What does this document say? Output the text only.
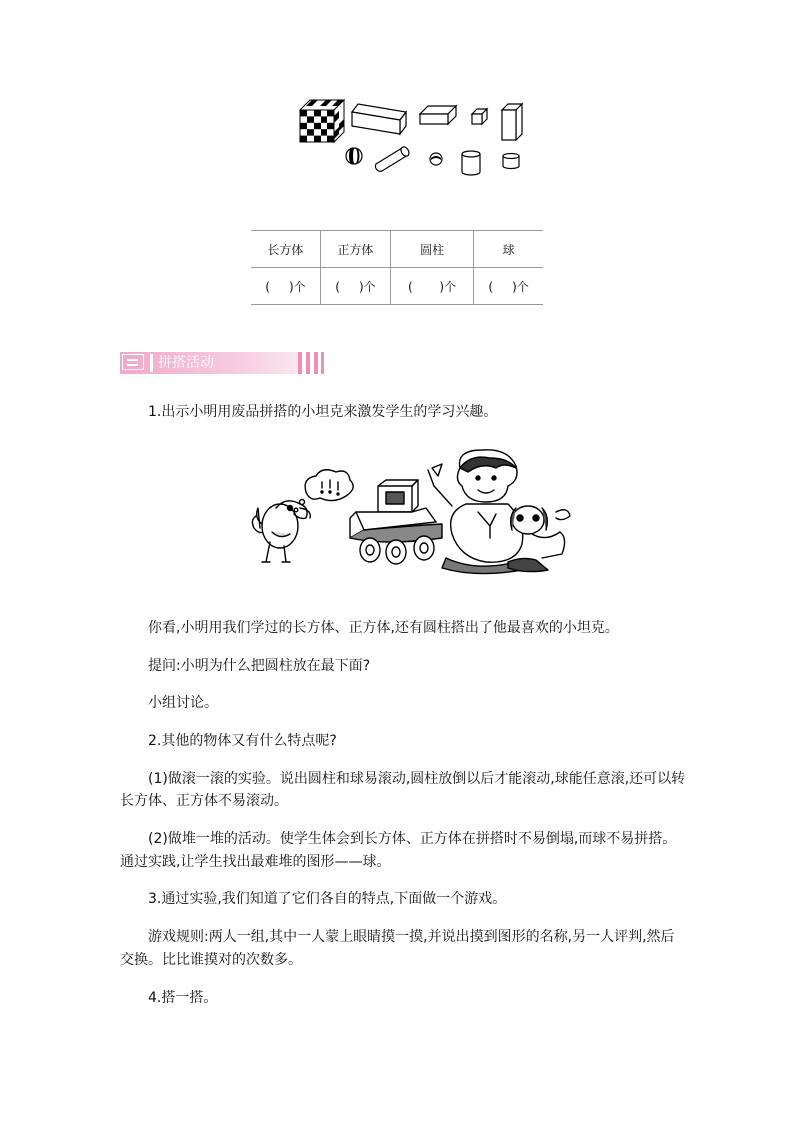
长方体	正方体	圆柱	球
(     )个	(     )个	(       )个	(     )个
拼搭活动
1.出示小明用废品拼搭的小坦克来激发学生的学习兴趣。
你看,小明用我们学过的长方体、正方体,还有圆柱搭出了他最喜欢的小坦克。
提问:小明为什么把圆柱放在最下面?
小组讨论。
2.其他的物体又有什么特点呢?
(1)做滚一滚的实验。说出圆柱和球易滚动,圆柱放倒以后才能滚动,球能任意滚,还可以转
长方体、正方体不易滚动。
(2)做堆一堆的活动。使学生体会到长方体、正方体在拼搭时不易倒塌,而球不易拼搭。
通过实践,让学生找出最难堆的图形——球。
3.通过实验,我们知道了它们各自的特点,下面做一个游戏。
游戏规则:两人一组,其中一人蒙上眼睛摸一摸,并说出摸到图形的名称,另一人评判,然后
交换。比比谁摸对的次数多。
4.搭一搭。
